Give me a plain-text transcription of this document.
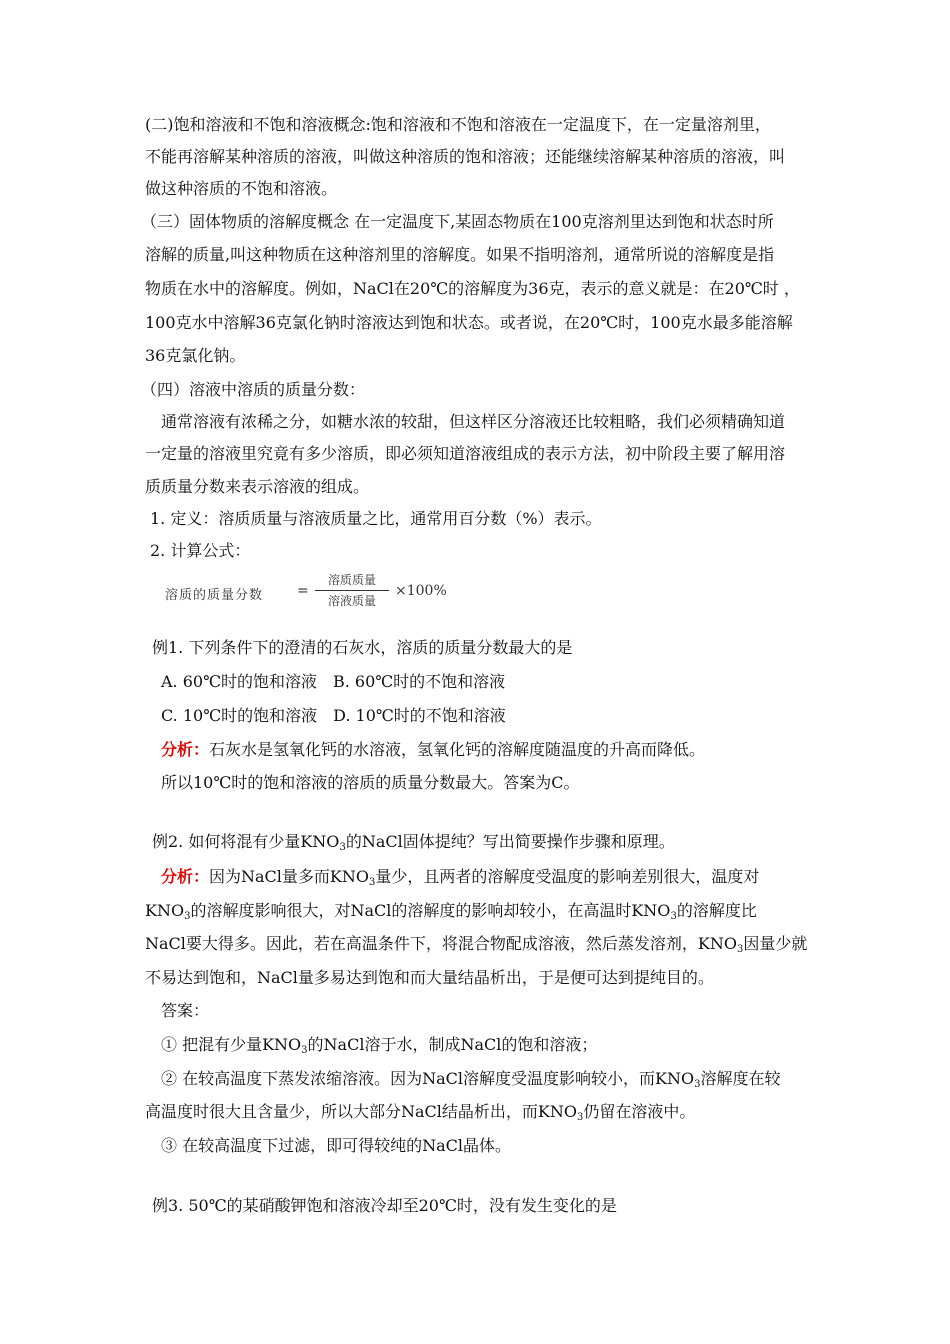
(二)饱和溶液和不饱和溶液概念:饱和溶液和不饱和溶液在一定温度下，在一定量溶剂里，
不能再溶解某种溶质的溶液，叫做这种溶质的饱和溶液；还能继续溶解某种溶质的溶液，叫
做这种溶质的不饱和溶液。
（三）固体物质的溶解度概念 在一定温度下,某固态物质在100克溶剂里达到饱和状态时所
溶解的质量,叫这种物质在这种溶剂里的溶解度。如果不指明溶剂，通常所说的溶解度是指
物质在水中的溶解度。例如，NaCl在20℃的溶解度为36克，表示的意义就是：在20℃时 ，
100克水中溶解36克氯化钠时溶液达到饱和状态。或者说，在20℃时，100克水最多能溶解
36克氯化钠。
（四）溶液中溶质的质量分数：
通常溶液有浓稀之分，如糖水浓的较甜，但这样区分溶液还比较粗略，我们必须精确知道
一定量的溶液里究竟有多少溶质，即必须知道溶液组成的表示方法，初中阶段主要了解用溶
质质量分数来表示溶液的组成。
1. 定义：溶质质量与溶液质量之比，通常用百分数（%）表示。
2. 计算公式：
溶质的质量分数 =
溶质质量
溶液质量
×100%
例1. 下列条件下的澄清的石灰水，溶质的质量分数最大的是
A. 60℃时的饱和溶液　B. 60℃时的不饱和溶液
C. 10℃时的饱和溶液　D. 10℃时的不饱和溶液
分析：石灰水是氢氧化钙的水溶液，氢氧化钙的溶解度随温度的升高而降低。
所以10℃时的饱和溶液的溶质的质量分数最大。答案为C。
例2. 如何将混有少量$KNO_3$的NaCl固体提纯？写出简要操作步骤和原理。
分析：因为NaCl量多而$KNO_3$量少，且两者的溶解度受温度的影响差别很大，温度对
$KNO_3$的溶解度影响很大，对NaCl的溶解度的影响却较小，在高温时$KNO_3$的溶解度比
NaCl要大得多。因此，若在高温条件下，将混合物配成溶液，然后蒸发溶剂，$KNO_3$因量少就
不易达到饱和，NaCl量多易达到饱和而大量结晶析出，于是便可达到提纯目的。
答案：
① 把混有少量$KNO_3$的NaCl溶于水，制成NaCl的饱和溶液；
② 在较高温度下蒸发浓缩溶液。因为NaCl溶解度受温度影响较小，而$KNO_3$溶解度在较
高温度时很大且含量少，所以大部分NaCl结晶析出，而$KNO_3$仍留在溶液中。
③ 在较高温度下过滤，即可得较纯的NaCl晶体。
例3. 50℃的某硝酸钾饱和溶液冷却至20℃时，没有发生变化的是
